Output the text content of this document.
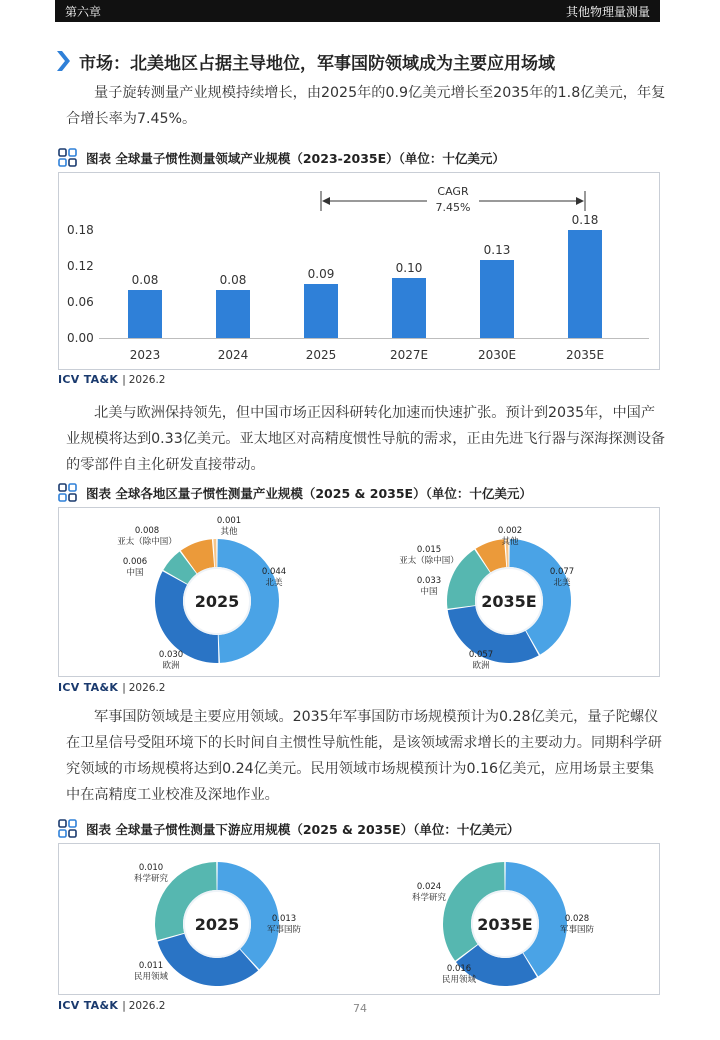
第六章	其他物理量测量
市场：北美地区占据主导地位，军事国防领域成为主要应用场域
量子旋转测量产业规模持续增长，由2025年的0.9亿美元增长至2035年的1.8亿美元，年复合增长率为7.45%。
图表 全球量子惯性测量领域产业规模（2023-2035E）（单位：十亿美元）
0.00
0.06
0.12
0.18
0.08
2023
0.08
2024
0.09
2025
0.10
2027E
0.13
2030E
0.18
2035E
CAGR
7.45%
ICV TA&K | 2026.2
北美与欧洲保持领先，但中国市场正因科研转化加速而快速扩张。预计到2035年，中国产业规模将达到0.33亿美元。亚太地区对高精度惯性导航的需求，正由先进飞行器与深海探测设备的零部件自主化研发直接带动。
图表 全球各地区量子惯性测量产业规模（2025 & 2035E）（单位：十亿美元）
2025
0.044
北美
0.030
欧洲
0.006
中国
0.008
亚太（除中国）
0.001
其他
2035E
0.077
北美
0.057
欧洲
0.033
中国
0.015
亚太（除中国）
0.002
其他
ICV TA&K | 2026.2
军事国防领域是主要应用领域。2035年军事国防市场规模预计为0.28亿美元，量子陀螺仪在卫星信号受阻环境下的长时间自主惯性导航性能，是该领域需求增长的主要动力。同期科学研究领域的市场规模将达到0.24亿美元。民用领域市场规模预计为0.16亿美元，应用场景主要集中在高精度工业校准及深地作业。
图表 全球量子惯性测量下游应用规模（2025 & 2035E）（单位：十亿美元）
2025	0.013
军事国防
0.011
民用领域
0.010
科学研究
2035E	0.028
军事国防
0.016
民用领域
0.024
科学研究
ICV TA&K | 2026.2	74
